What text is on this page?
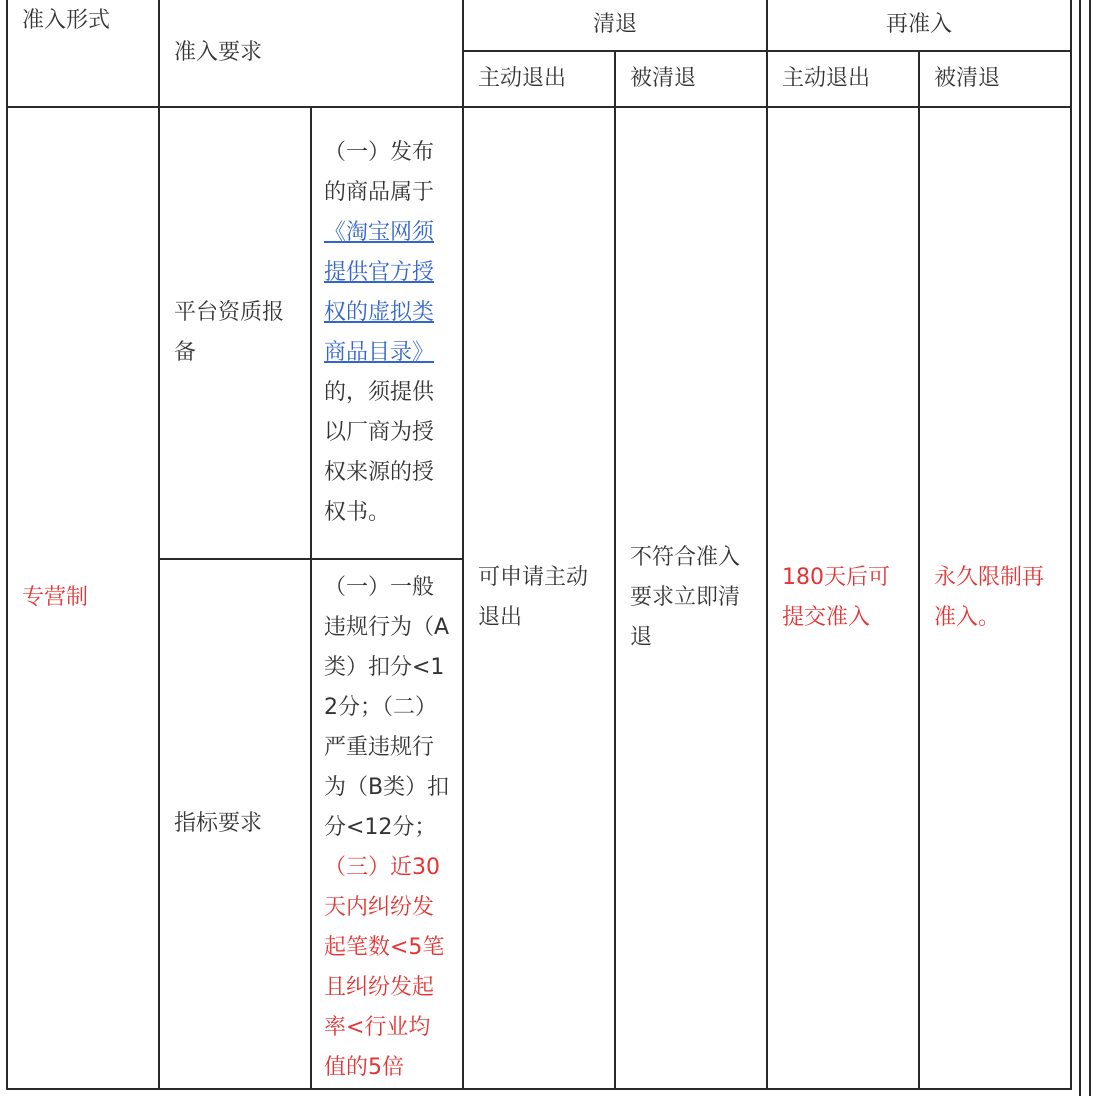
准入形式	准入要求		清退		再准入	
			主动退出	被清退	主动退出	被清退
专营制	平台资质报备	（一）发布的商品属于《淘宝网须提供官方授权的虚拟类商品目录》的，须提供以厂商为授权来源的授权书。	可申请主动退出	不符合准入要求立即清退	180天后可提交准入	永久限制再准入。
	指标要求	（一）一般违规行为（A类）扣分<12分；（二）严重违规行为（B类）扣分<12分；（三）近30天内纠纷发起笔数<5笔且纠纷发起率<行业均值的5倍				
